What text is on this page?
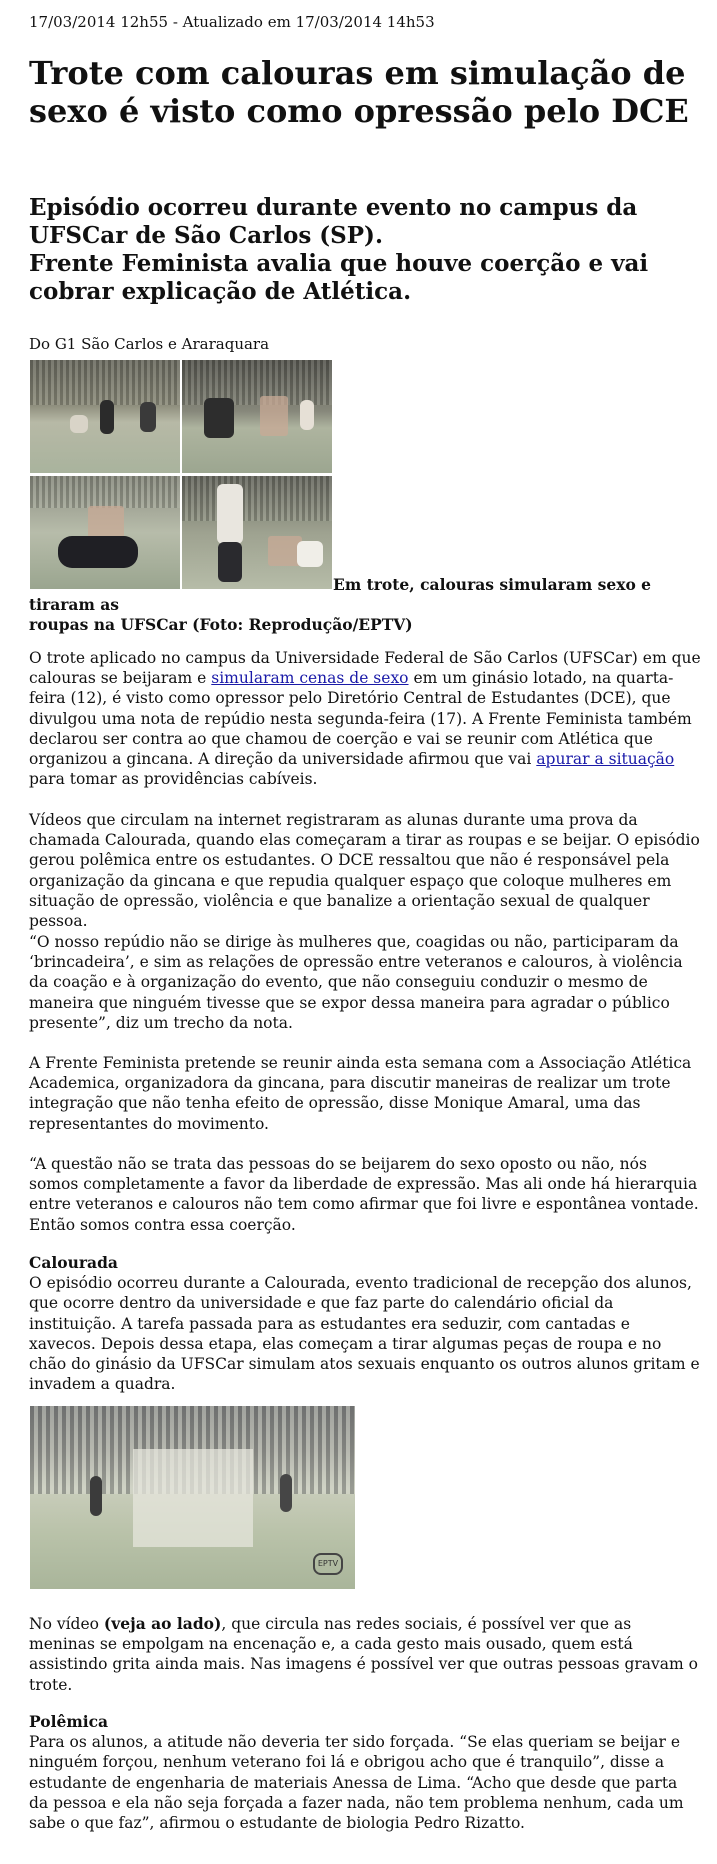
17/03/2014 12h55 - Atualizado em 17/03/2014 14h53
Trote com calouras em simulação de sexo é visto como opressão pelo DCE
Episódio ocorreu durante evento no campus da UFSCar de São Carlos (SP).
Frente Feminista avalia que houve coerção e vai cobrar explicação de Atlética.
Do G1 São Carlos e Araraquara

Em trote, calouras simularam sexo e tiraram as
roupas na UFSCar (Foto: Reprodução/EPTV)

O trote aplicado no campus da Universidade Federal de São Carlos (UFSCar) em que calouras se beijaram e simularam cenas de sexo em um ginásio lotado, na quarta-feira (12), é visto como opressor pelo Diretório Central de Estudantes (DCE), que divulgou uma nota de repúdio nesta segunda-feira (17). A Frente Feminista também declarou ser contra ao que chamou de coerção e vai se reunir com Atlética que organizou a gincana. A direção da universidade afirmou que vai apurar a situação para tomar as providências cabíveis.

Vídeos que circulam na internet registraram as alunas durante uma prova da chamada Calourada, quando elas começaram a tirar as roupas e se beijar. O episódio gerou polêmica entre os estudantes. O DCE ressaltou que não é responsável pela organização da gincana e que repudia qualquer espaço que coloque mulheres em situação de opressão, violência e que banalize a orientação sexual de qualquer pessoa.

“O nosso repúdio não se dirige às mulheres que, coagidas ou não, participaram da ‘brincadeira’, e sim as relações de opressão entre veteranos e calouros, à violência da coação e à organização do evento, que não conseguiu conduzir o mesmo de maneira que ninguém tivesse que se expor dessa maneira para agradar o público presente”, diz um trecho da nota.

A Frente Feminista pretende se reunir ainda esta semana com a Associação Atlética Academica, organizadora da gincana, para discutir maneiras de realizar um trote integração que não tenha efeito de opressão, disse Monique Amaral, uma das representantes do movimento.

“A questão não se trata das pessoas do se beijarem do sexo oposto ou não, nós somos completamente a favor da liberdade de expressão. Mas ali onde há hierarquia entre veteranos e calouros não tem como afirmar que foi livre e espontânea vontade. Então somos contra essa coerção.

Calourada

O episódio ocorreu durante a Calourada, evento tradicional de recepção dos alunos, que ocorre dentro da universidade e que faz parte do calendário oficial da instituição. A tarefa passada para as estudantes era seduzir, com cantadas e xavecos. Depois dessa etapa, elas começam a tirar algumas peças de roupa e no chão do ginásio da UFSCar simulam atos sexuais enquanto os outros alunos gritam e invadem a quadra.

EPTV

No vídeo (veja ao lado), que circula nas redes sociais, é possível ver que as meninas se empolgam na encenação e, a cada gesto mais ousado, quem está assistindo grita ainda mais. Nas imagens é possível ver que outras pessoas gravam o trote.

Polêmica

Para os alunos, a atitude não deveria ter sido forçada. “Se elas queriam se beijar e ninguém forçou, nenhum veterano foi lá e obrigou acho que é tranquilo”, disse a estudante de engenharia de materiais Anessa de Lima. “Acho que desde que parta da pessoa e ela não seja forçada a fazer nada, não tem problema nenhum, cada um sabe o que faz”, afirmou o estudante de biologia Pedro Rizatto.
